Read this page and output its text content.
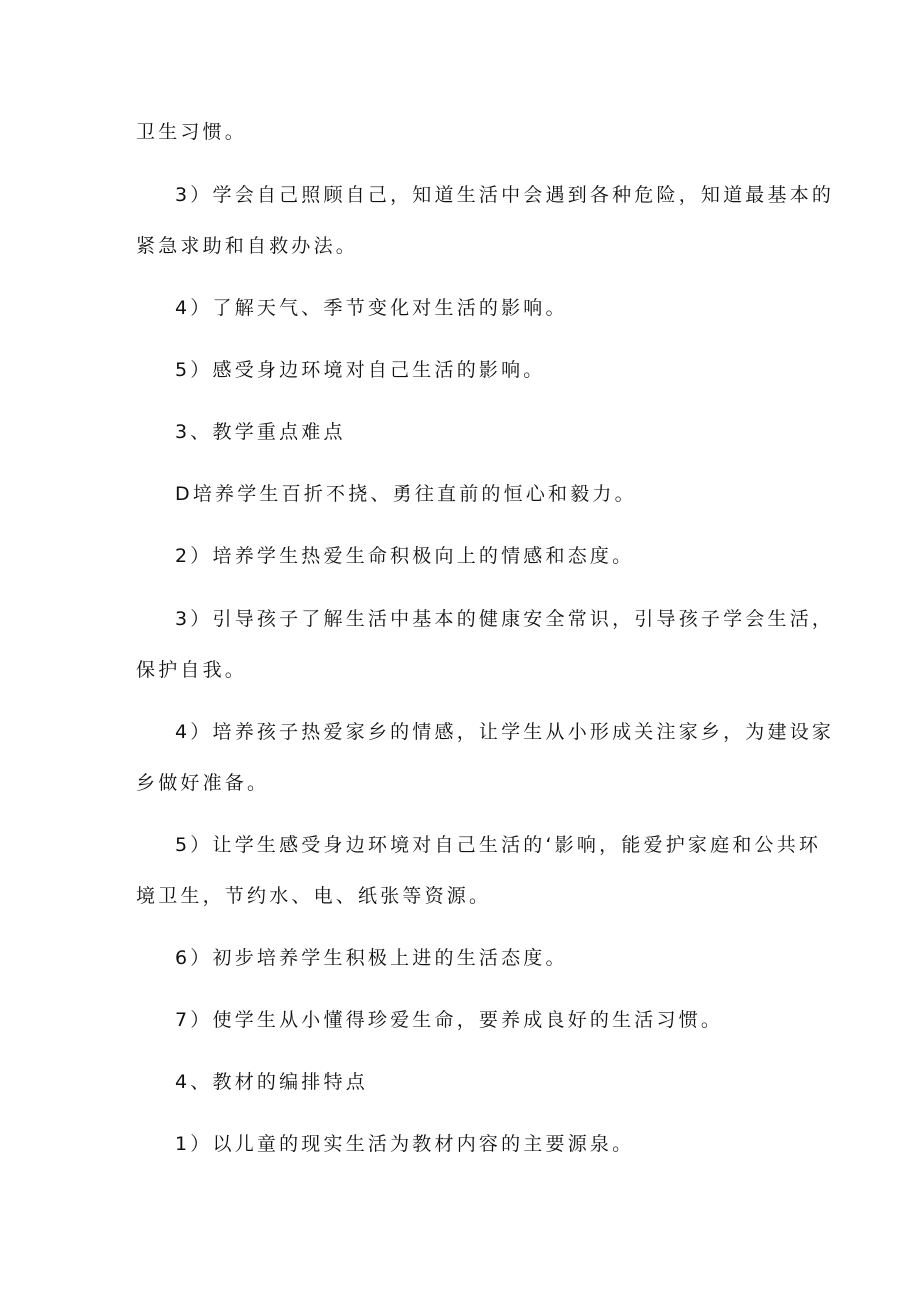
卫生习惯。
3）学会自己照顾自己，知道生活中会遇到各种危险，知道最基本的
紧急求助和自救办法。
4）了解天气、季节变化对生活的影响。
5）感受身边环境对自己生活的影响。
3、教学重点难点
D培养学生百折不挠、勇往直前的恒心和毅力。
2）培养学生热爱生命积极向上的情感和态度。
3）引导孩子了解生活中基本的健康安全常识，引导孩子学会生活，
保护自我。
4）培养孩子热爱家乡的情感，让学生从小形成关注家乡，为建设家
乡做好准备。
5）让学生感受身边环境对自己生活的‘影响，能爱护家庭和公共环
境卫生，节约水、电、纸张等资源。
6）初步培养学生积极上进的生活态度。
7）使学生从小懂得珍爱生命，要养成良好的生活习惯。
4、教材的编排特点
1）以儿童的现实生活为教材内容的主要源泉。
